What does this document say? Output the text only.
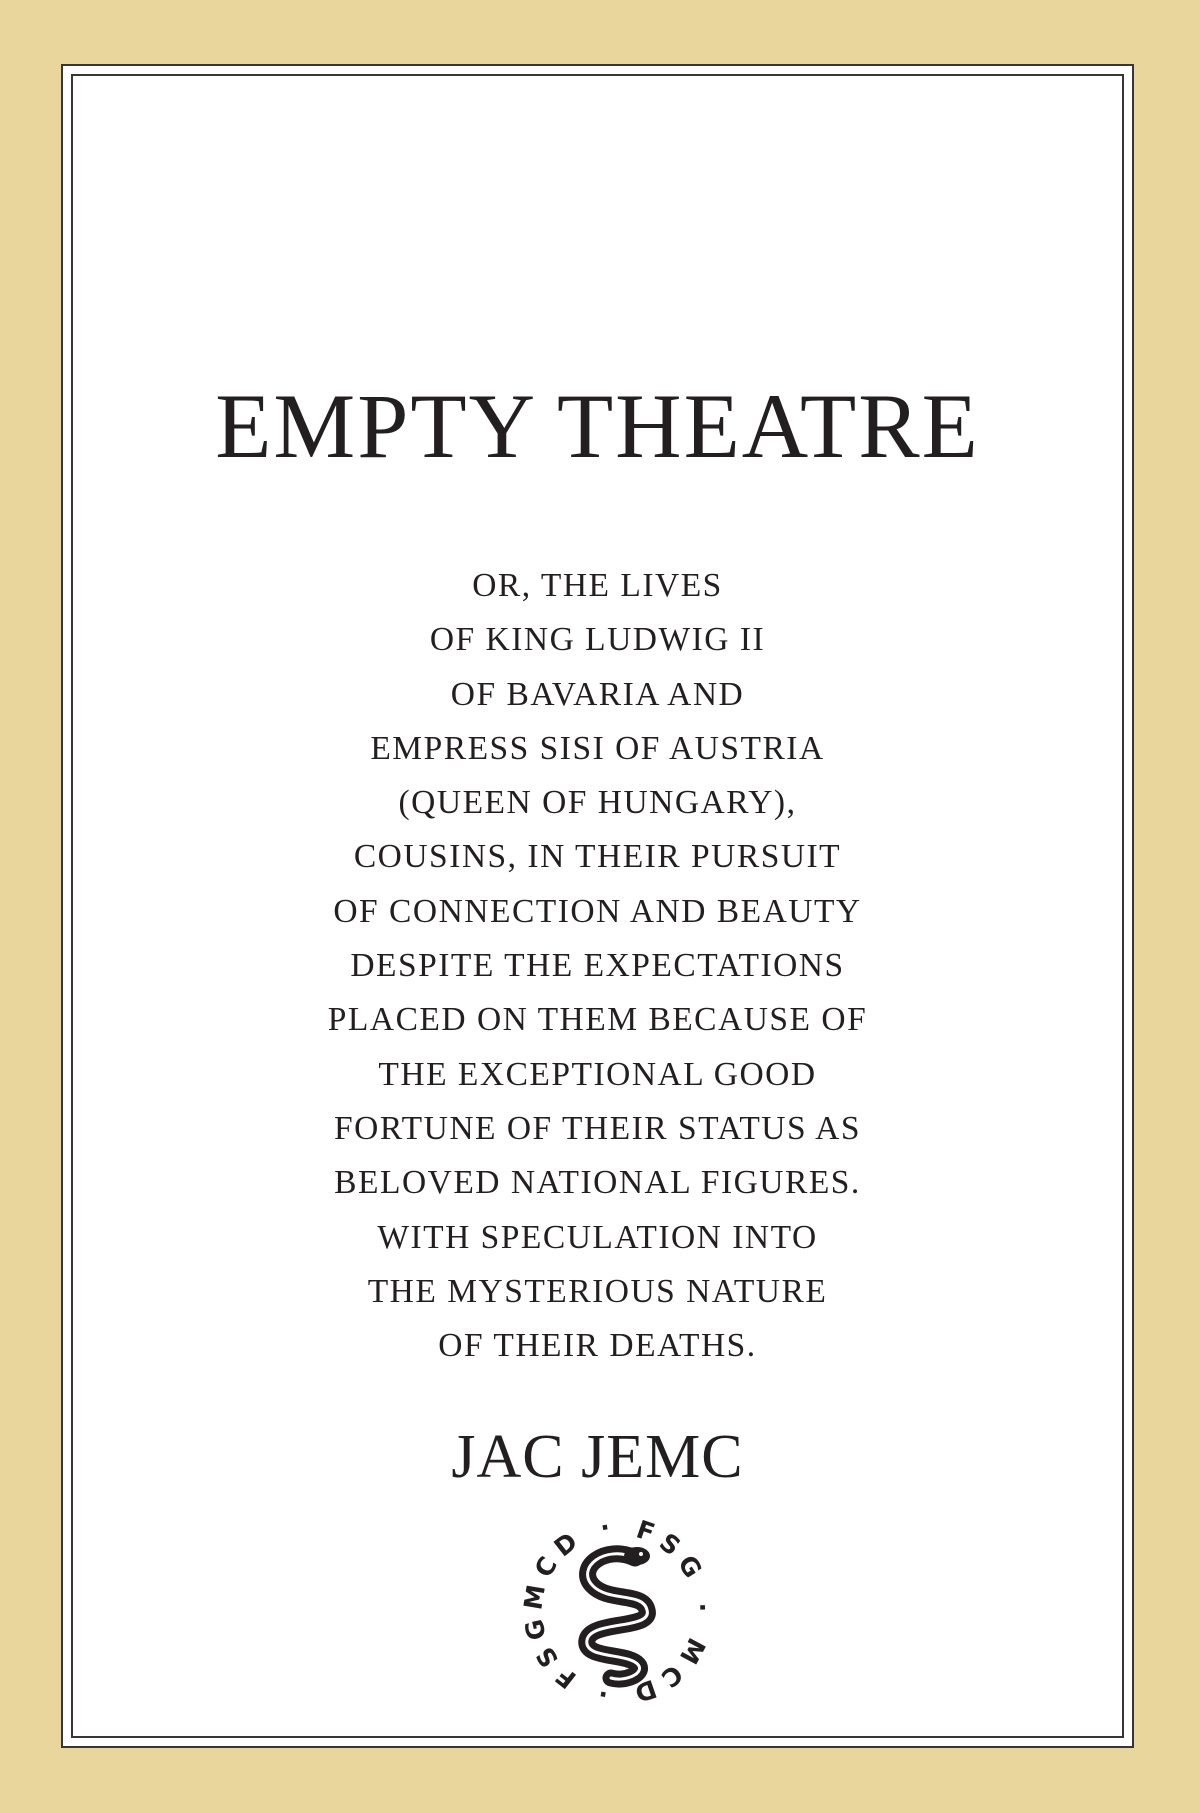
EMPTY THEATRE
OR, THE LIVES
OF KING LUDWIG II
OF BAVARIA AND
EMPRESS SISI OF AUSTRIA
(QUEEN OF HUNGARY),
COUSINS, IN THEIR PURSUIT
OF CONNECTION AND BEAUTY
DESPITE THE EXPECTATIONS
PLACED ON THEM BECAUSE OF
THE EXCEPTIONAL GOOD
FORTUNE OF THEIR STATUS AS
BELOVED NATIONAL FIGURES.
WITH SPECULATION INTO
THE MYSTERIOUS NATURE
OF THEIR DEATHS.
JAC JEMC
MCD · FSG · MCD · FSG
